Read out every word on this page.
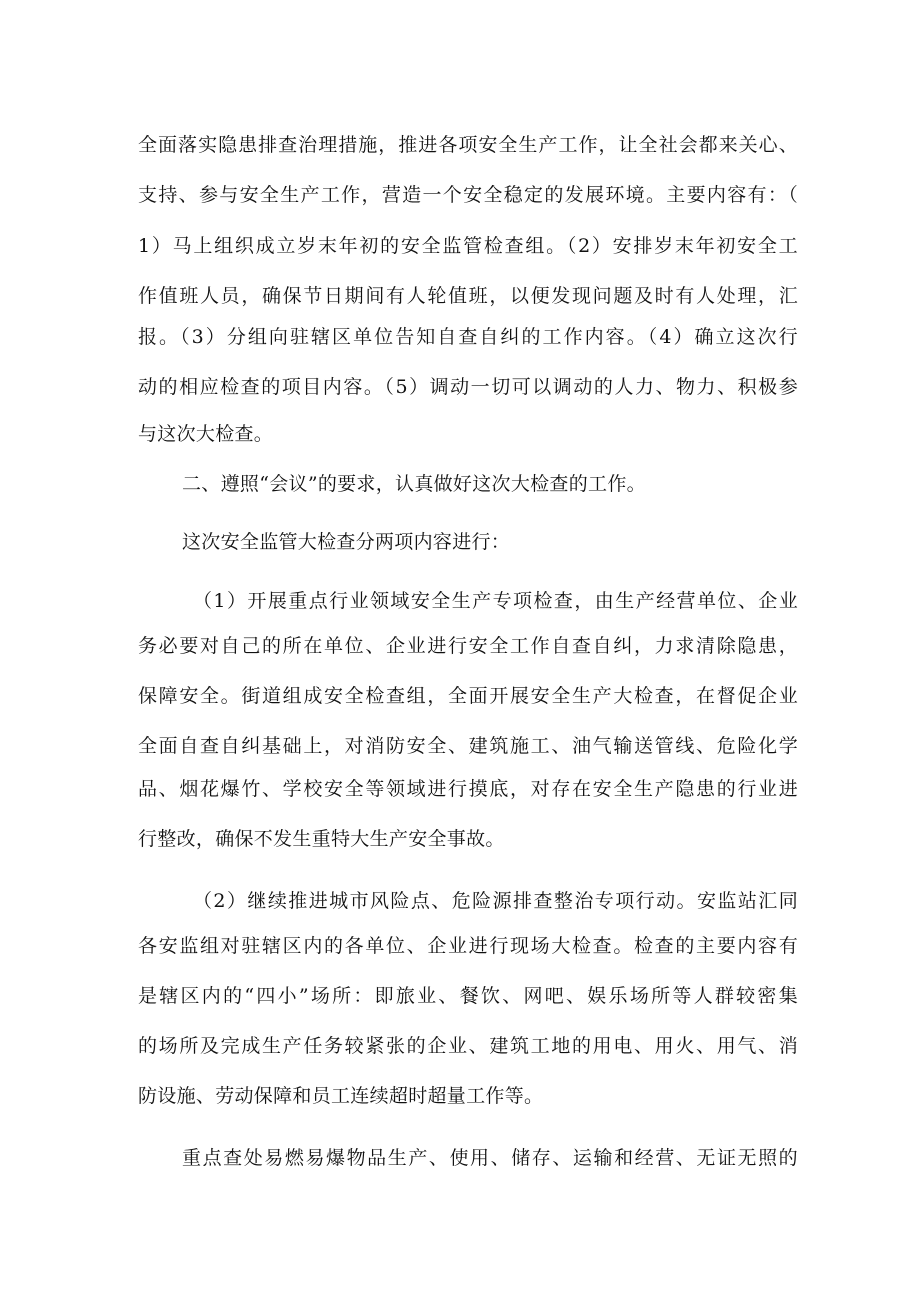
全面落实隐患排查治理措施，推进各项安全生产工作，让全社会都来关心、
支持、参与安全生产工作，营造一个安全稳定的发展环境。主要内容有：（
1）马上组织成立岁末年初的安全监管检查组。（2）安排岁末年初安全工
作值班人员，确保节日期间有人轮值班，以便发现问题及时有人处理，汇
报。（3）分组向驻辖区单位告知自查自纠的工作内容。（4）确立这次行
动的相应检查的项目内容。（5）调动一切可以调动的人力、物力、积极参
与这次大检查。
二、遵照“会议”的要求，认真做好这次大检查的工作。
这次安全监管大检查分两项内容进行：
（1）开展重点行业领域安全生产专项检查，由生产经营单位、企业
务必要对自己的所在单位、企业进行安全工作自查自纠，力求清除隐患，
保障安全。街道组成安全检查组，全面开展安全生产大检查，在督促企业
全面自查自纠基础上，对消防安全、建筑施工、油气输送管线、危险化学
品、烟花爆竹、学校安全等领域进行摸底，对存在安全生产隐患的行业进
行整改，确保不发生重特大生产安全事故。
（2）继续推进城市风险点、危险源排查整治专项行动。安监站汇同
各安监组对驻辖区内的各单位、企业进行现场大检查。检查的主要内容有
是辖区内的“四小”场所：即旅业、餐饮、网吧、娱乐场所等人群较密集
的场所及完成生产任务较紧张的企业、建筑工地的用电、用火、用气、消
防设施、劳动保障和员工连续超时超量工作等。
重点查处易燃易爆物品生产、使用、储存、运输和经营、无证无照的
